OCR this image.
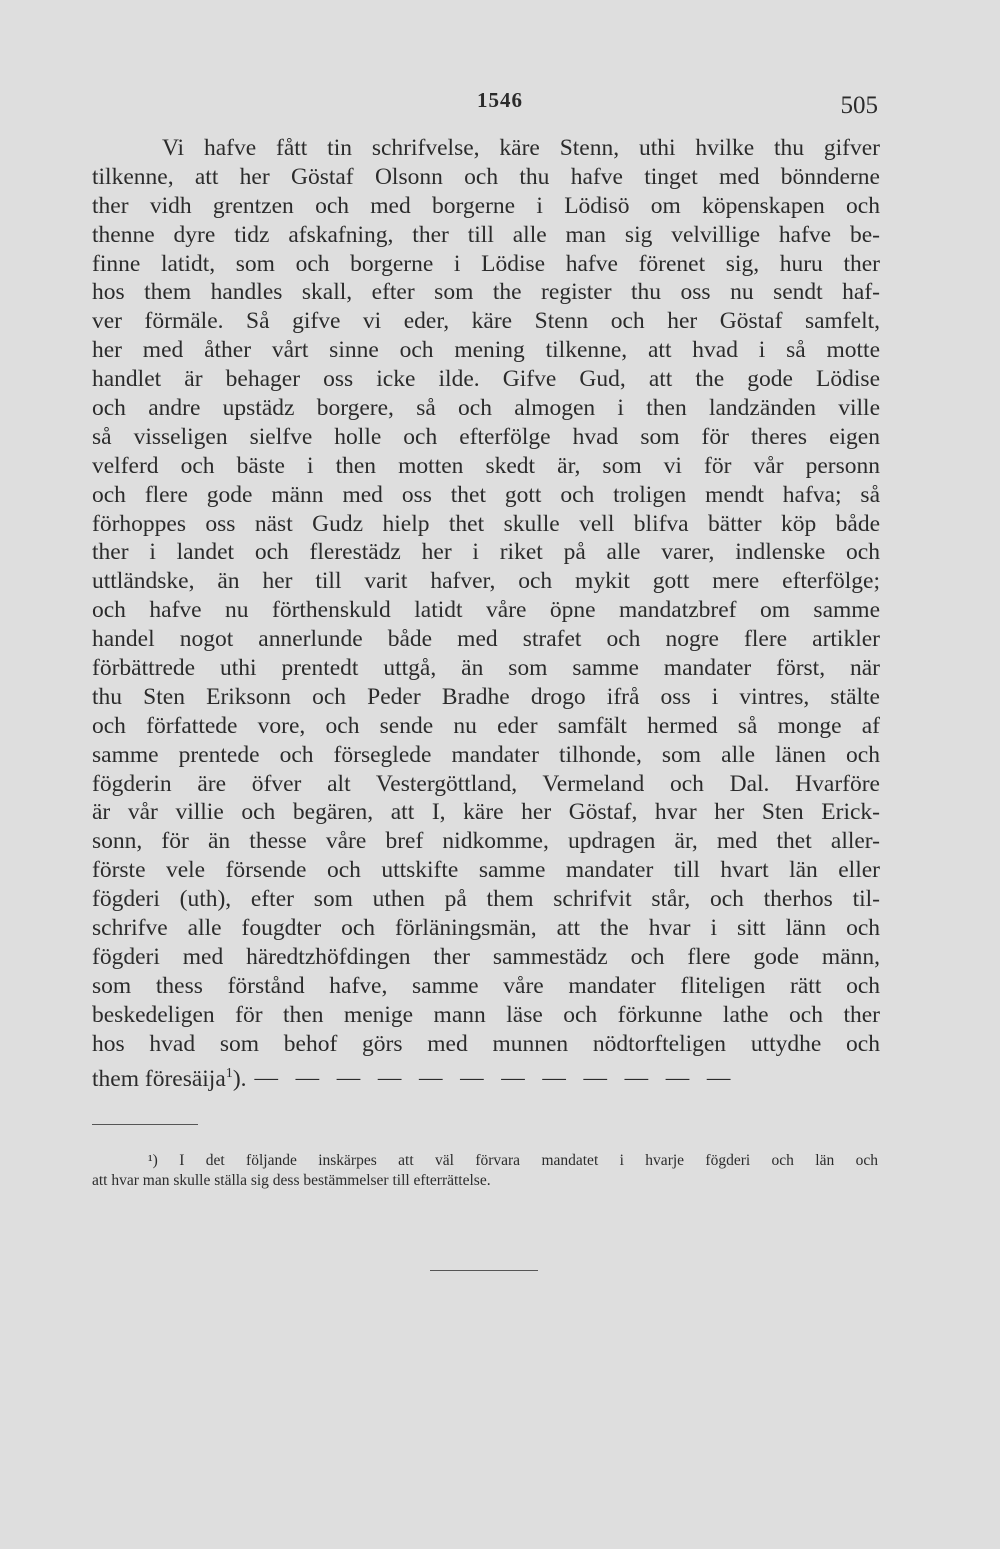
1546	505
Vi hafve fått tin schrifvelse, käre Stenn, uthi hvilke thu gifver
tilkenne, att her Göstaf Olsonn och thu hafve tinget med bönnderne
ther vidh grentzen och med borgerne i Lödisö om köpenskapen och
thenne dyre tidz afskafning, ther till alle man sig velvillige hafve be-
finne latidt, som och borgerne i Lödise hafve förenet sig, huru ther
hos them handles skall, efter som the register thu oss nu sendt haf-
ver förmäle. Så gifve vi eder, käre Stenn och her Göstaf samfelt,
her med åther vårt sinne och mening tilkenne, att hvad i så motte
handlet är behager oss icke ilde. Gifve Gud, att the gode Lödise
och andre upstädz borgere, så och almogen i then landzänden ville
så visseligen sielfve holle och efterfölge hvad som för theres eigen
velferd och bäste i then motten skedt är, som vi för vår personn
och flere gode männ med oss thet gott och troligen mendt hafva; så
förhoppes oss näst Gudz hielp thet skulle vell blifva bätter köp både
ther i landet och flerestädz her i riket på alle varer, indlenske och
uttländske, än her till varit hafver, och mykit gott mere efterfölge;
och hafve nu förthenskuld latidt våre öpne mandatzbref om samme
handel nogot annerlunde både med strafet och nogre flere artikler
förbättrede uthi prentedt uttgå, än som samme mandater först, när
thu Sten Eriksonn och Peder Bradhe drogo ifrå oss i vintres, stälte
och författede vore, och sende nu eder samfält hermed så monge af
samme prentede och förseglede mandater tilhonde, som alle länen och
fögderin äre öfver alt Vestergöttland, Vermeland och Dal. Hvarföre
är vår villie och begären, att I, käre her Göstaf, hvar her Sten Erick-
sonn, för än thesse våre bref nidkomme, updragen är, med thet aller-
förste vele försende och uttskifte samme mandater till hvart län eller
fögderi (uth), efter som uthen på them schrifvit står, och therhos til-
schrifve alle fougdter och förläningsmän, att the hvar i sitt länn och
fögderi med häredtzhöfdingen ther sammestädz och flere gode männ,
som thess förstånd hafve, samme våre mandater fliteligen rätt och
beskedeligen för then menige mann läse och förkunne lathe och ther
hos hvad som behof görs med munnen nödtorfteligen uttydhe och
them föresäija$^1$). —   —   —   —   —   —   —   —   —   —   —   —
¹) I det följande inskärpes att väl förvara mandatet i hvarje fögderi och län och
att hvar man skulle ställa sig dess bestämmelser till efterrättelse.
